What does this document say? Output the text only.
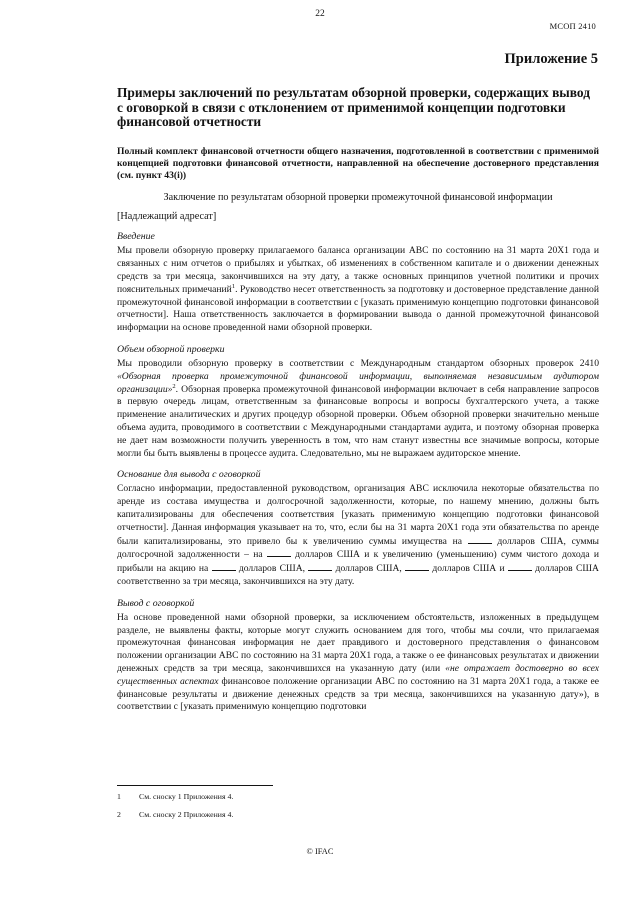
22
МСОП 2410
Приложение 5
Примеры заключений по результатам обзорной проверки, содержащих вывод с оговоркой в связи с отклонением от применимой концепции подготовки финансовой отчетности
Полный комплект финансовой отчетности общего назначения, подготовленной в соответствии с применимой концепцией подготовки финансовой отчетности, направленной на обеспечение достоверного представления (см. пункт 43(i))
Заключение по результатам обзорной проверки промежуточной финансовой информации
[Надлежащий адресат]
Введение
Мы провели обзорную проверку прилагаемого баланса организации АВС по состоянию на 31 марта 20Х1 года и связанных с ним отчетов о прибылях и убытках, об изменениях в собственном капитале и о движении денежных средств за три месяца, закончившихся на эту дату, а также основных принципов учетной политики и прочих пояснительных примечаний$^1$. Руководство несет ответственность за подготовку и достоверное представление данной промежуточной финансовой информации в соответствии с [указать применимую концепцию подготовки финансовой отчетности]. Наша ответственность заключается в формировании вывода о данной промежуточной финансовой информации на основе проведенной нами обзорной проверки.
Объем обзорной проверки
Мы проводили обзорную проверку в соответствии с Международным стандартом обзорных проверок 2410 «Обзорная проверка промежуточной финансовой информации, выполняемая независимым аудитором организации»$^2$. Обзорная проверка промежуточной финансовой информации включает в себя направление запросов в первую очередь лицам, ответственным за финансовые вопросы и вопросы бухгалтерского учета, а также применение аналитических и других процедур обзорной проверки. Объем обзорной проверки значительно меньше объема аудита, проводимого в соответствии с Международными стандартами аудита, и поэтому обзорная проверка не дает нам возможности получить уверенность в том, что нам станут известны все значимые вопросы, которые могли бы быть выявлены в процессе аудита. Следовательно, мы не выражаем аудиторское мнение.
Основание для вывода с оговоркой
Согласно информации, предоставленной руководством, организация АВС исключила некоторые обязательства по аренде из состава имущества и долгосрочной задолженности, которые, по нашему мнению, должны быть капитализированы для обеспечения соответствия [указать применимую концепцию подготовки финансовой отчетности]. Данная информация указывает на то, что, если бы на 31 марта 20Х1 года эти обязательства по аренде были капитализированы, это привело бы к увеличению суммы имущества на	долларов США, суммы долгосрочной задолженности – на	долларов США и к увеличению (уменьшению) сумм чистого дохода и прибыли на акцию на	долларов США,	долларов США,	долларов США и	долларов США соответственно за три месяца, закончившихся на эту дату.
Вывод с оговоркой
На основе проведенной нами обзорной проверки, за исключением обстоятельств, изложенных в предыдущем разделе, не выявлены факты, которые могут служить основанием для того, чтобы мы сочли, что прилагаемая промежуточная финансовая информация не дает правдивого и достоверного представления о финансовом положении организации АВС по состоянию на 31 марта 20Х1 года, а также о ее финансовых результатах и движении денежных средств за три месяца, закончившихся на указанную дату (или «не отражает достоверно во всех существенных аспектах финансовое положение организации АВС по состоянию на 31 марта 20Х1 года, а также ее финансовые результаты и движение денежных средств за три месяца, закончившихся на указанную дату»), в соответствии с [указать применимую концепцию подготовки
1 См. сноску 1 Приложения 4.
2 См. сноску 2 Приложения 4.
© IFAC
